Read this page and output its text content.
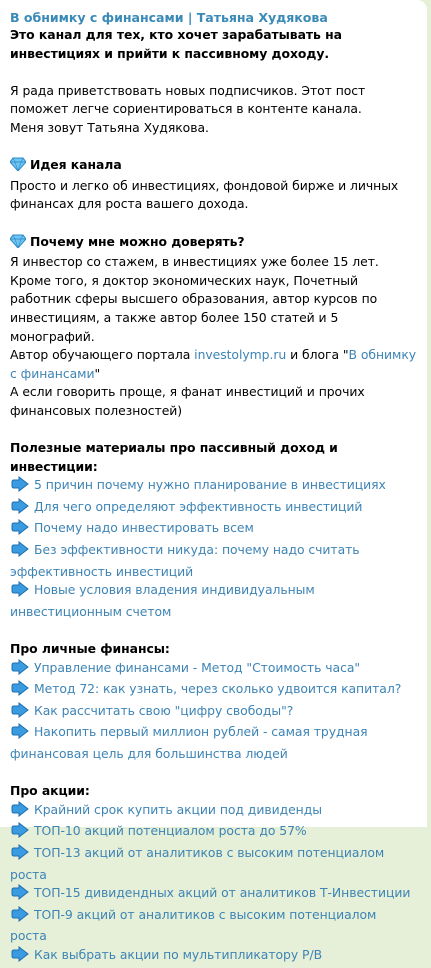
В обнимку с финансами | Татьяна Худякова
Это канал для тех, кто хочет зарабатывать на инвестициях и прийти к пассивному доходу.
Я рада приветствовать новых подписчиков. Этот пост поможет легче сориентироваться в контенте канала.
Меня зовут Татьяна Худякова.
Идея канала
Просто и легко об инвестициях, фондовой бирже и личных финансах для роста вашего дохода.
Почему мне можно доверять?
Я инвестор со стажем, в инвестициях уже более 15 лет.
Кроме того, я доктор экономических наук, Почетный работник сферы высшего образования, автор курсов по инвестициям, а также автор более 150 статей и 5 монографий.
Автор обучающего портала investolymp.ru и блога "В обнимку с финансами"
А если говорить проще, я фанат инвестиций и прочих финансовых полезностей)
Полезные материалы про пассивный доход и инвестиции:
5 причин почему нужно планирование в инвестициях
Для чего определяют эффективность инвестиций
Почему надо инвестировать всем
Без эффективности никуда: почему надо считать эффективность инвестиций
Новые условия владения индивидуальным инвестиционным счетом
Про личные финансы:
Управление финансами - Метод "Стоимость часа"
Метод 72: как узнать, через сколько удвоится капитал?
Как рассчитать свою "цифру свободы"?
Накопить первый миллион рублей - самая трудная финансовая цель для большинства людей
Про акции:
Крайний срок купить акции под дивиденды
ТОП-10 акций потенциалом роста до 57%
ТОП-13 акций от аналитиков с высоким потенциалом роста
ТОП-15 дивидендных акций от аналитиков Т-Инвестиции
ТОП-9 акций от аналитиков с высоким потенциалом роста
Как выбрать акции по мультипликатору P/B
